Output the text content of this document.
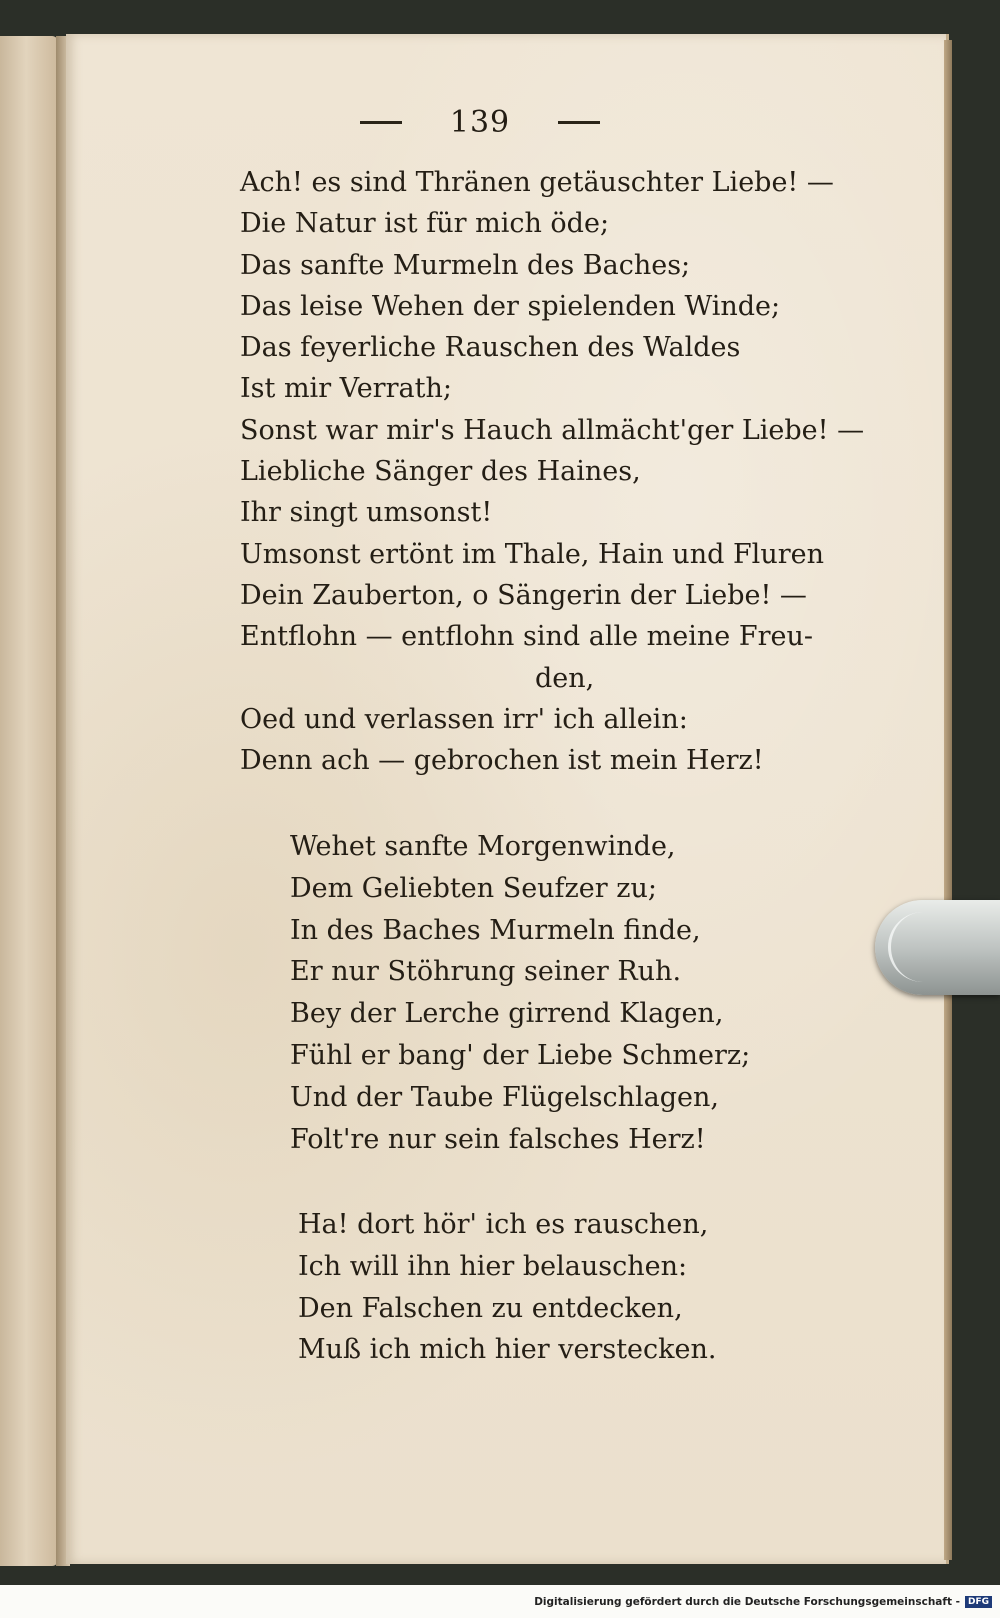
139
Ach! es sind Thränen getäuschter Liebe! —
Die Natur ist für mich öde;
Das sanfte Murmeln des Baches;
Das leise Wehen der spielenden Winde;
Das feyerliche Rauschen des Waldes
Ist mir Verrath;
Sonst war mir's Hauch allmächt'ger Liebe! —
Liebliche Sänger des Haines,
Ihr singt umsonst!
Umsonst ertönt im Thale, Hain und Fluren
Dein Zauberton, o Sängerin der Liebe! —
Entflohn — entflohn sind alle meine Freu-
den,
Oed und verlassen irr' ich allein:
Denn ach — gebrochen ist mein Herz!
Wehet sanfte Morgenwinde,
Dem Geliebten Seufzer zu;
In des Baches Murmeln finde,
Er nur Stöhrung seiner Ruh.
Bey der Lerche girrend Klagen,
Fühl er bang' der Liebe Schmerz;
Und der Taube Flügelschlagen,
Folt're nur sein falsches Herz!
Ha! dort hör' ich es rauschen,
Ich will ihn hier belauschen:
Den Falschen zu entdecken,
Muß ich mich hier verstecken.
Digitalisierung gefördert durch die Deutsche Forschungsgemeinschaft - DFG
